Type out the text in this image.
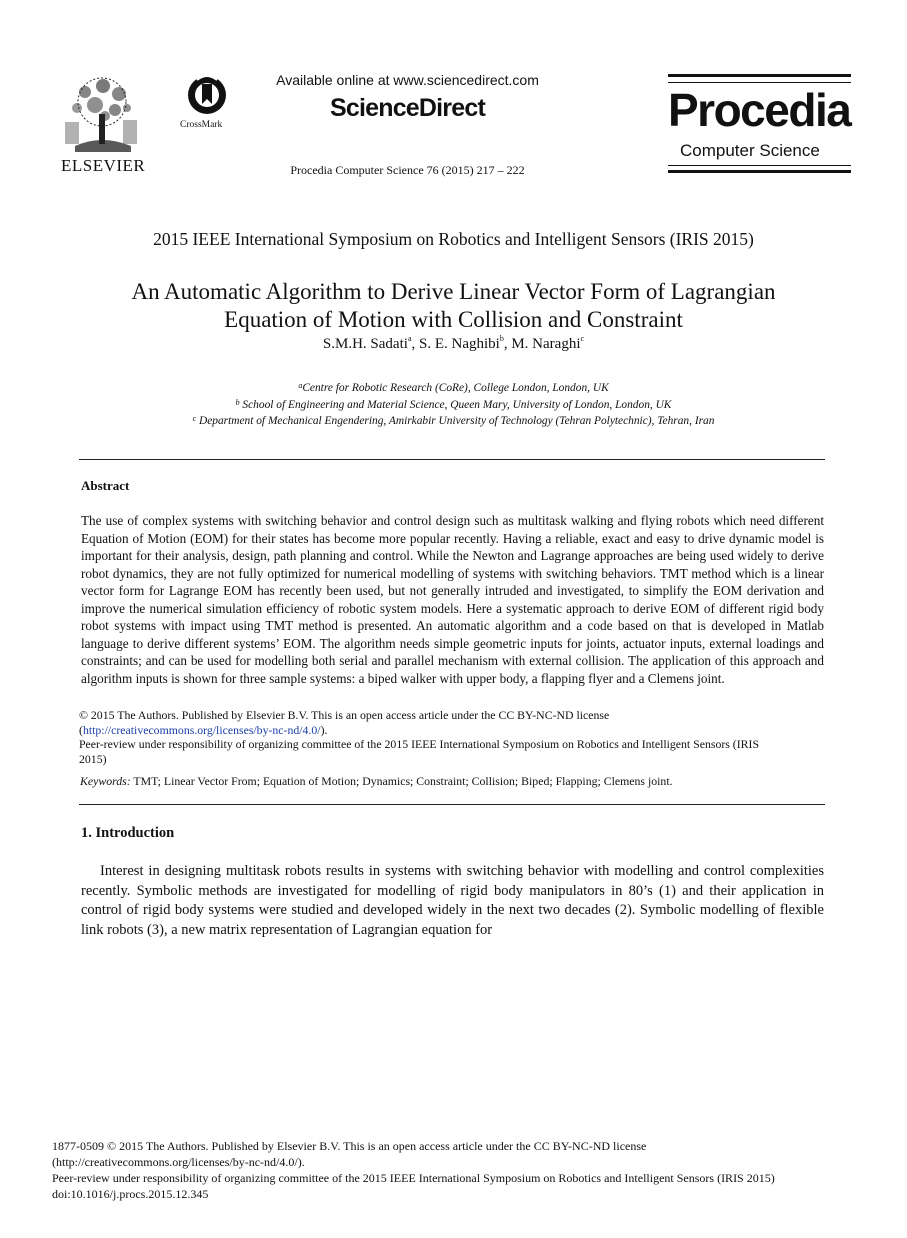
ELSEVIER
CrossMark
Available online at www.sciencedirect.com
ScienceDirect
Procedia Computer Science 76 (2015) 217 – 222
Procedia
Computer Science
2015 IEEE International Symposium on Robotics and Intelligent Sensors (IRIS 2015)
An Automatic Algorithm to Derive Linear Vector Form of Lagrangian
Equation of Motion with Collision and Constraint
S.M.H. Sadati$^a$, S. E. Naghibi$^b$, M. Naraghi$^c$
$^a$Centre for Robotic Research (CoRe), College London, London, UK
$^b$ School of Engineering and Material Science, Queen Mary, University of London, London, UK
$^c$ Department of Mechanical Engendering, Amirkabir University of Technology (Tehran Polytechnic), Tehran, Iran
Abstract
The use of complex systems with switching behavior and control design such as multitask walking and flying robots which need different Equation of Motion (EOM) for their states has become more popular recently. Having a reliable, exact and easy to drive dynamic model is important for their analysis, design, path planning and control. While the Newton and Lagrange approaches are being used widely to derive robot dynamics, they are not fully optimized for numerical modelling of systems with switching behaviors. TMT method which is a linear vector form for Lagrange EOM has recently been used, but not generally intruded and investigated, to simplify the EOM derivation and improve the numerical simulation efficiency of robotic system models. Here a systematic approach to derive EOM of different rigid body robot systems with impact using TMT method is presented. An automatic algorithm and a code based on that is developed in Matlab language to derive different systems’ EOM. The algorithm needs simple geometric inputs for joints, actuator inputs, external loadings and constraints; and can be used for modelling both serial and parallel mechanism with external collision. The application of this approach and algorithm inputs is shown for three sample systems: a biped walker with upper body, a flapping flyer and a Clemens joint.
© 2015 The Authors. Published by Elsevier B.V. This is an open access article under the CC BY-NC-ND license
(http://creativecommons.org/licenses/by-nc-nd/4.0/).
Peer-review under responsibility of organizing committee of the 2015 IEEE International Symposium on Robotics and Intelligent Sensors (IRIS 2015)
Keywords: TMT; Linear Vector From; Equation of Motion; Dynamics; Constraint; Collision; Biped; Flapping; Clemens joint.
1. Introduction
Interest in designing multitask robots results in systems with switching behavior with modelling and control complexities recently. Symbolic methods are investigated for modelling of rigid body manipulators in 80’s (1) and their application in control of rigid body systems were studied and developed widely in the next two decades (2). Symbolic modelling of flexible link robots (3), a new matrix representation of Lagrangian equation for
1877-0509 © 2015 The Authors. Published by Elsevier B.V. This is an open access article under the CC BY-NC-ND license
(http://creativecommons.org/licenses/by-nc-nd/4.0/).
Peer-review under responsibility of organizing committee of the 2015 IEEE International Symposium on Robotics and Intelligent Sensors (IRIS 2015)
doi:10.1016/j.procs.2015.12.345
